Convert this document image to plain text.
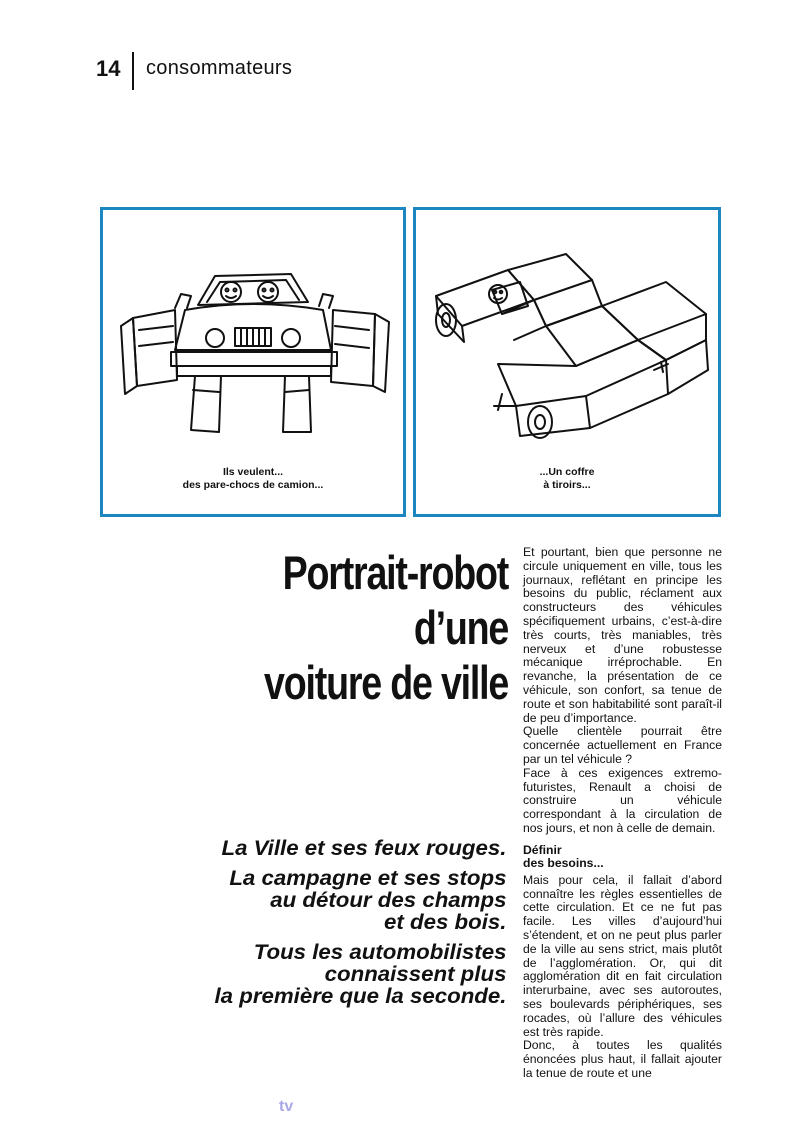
14 consommateurs
Ils veulent...
des pare-chocs de camion...
...Un coffre
à tiroirs...
Portrait-robot
d’une
voiture de ville
La Ville et ses feux rouges.
La campagne et ses stops
au détour des champs
et des bois.
Tous les automobilistes
connaissent plus
la première que la seconde.

Et pourtant, bien que personne ne circule uniquement en ville, tous les journaux, reflétant en principe les besoins du public, réclament aux constructeurs des véhicules spécifiquement urbains, c’est-à-dire très courts, très maniables, très nerveux et d’une robustesse mécanique irréprochable. En revanche, la présentation de ce véhicule, son confort, sa tenue de route et son habitabilité sont paraît-il de peu d’importance.

Quelle clientèle pourrait être concernée actuellement en France par un tel véhicule ?

Face à ces exigences extremo-futuristes, Renault a choisi de construire un véhicule correspondant à la circulation de nos jours, et non à celle de demain.

Définir
des besoins...

Mais pour cela, il fallait d’abord connaître les règles essentielles de cette circulation. Et ce ne fut pas facile. Les villes d’aujourd’hui s’étendent, et on ne peut plus parler de la ville au sens strict, mais plutôt de l’agglomération. Or, qui dit agglomération dit en fait circulation interurbaine, avec ses autoroutes, ses boulevards périphériques, ses rocades, où l’allure des véhicules est très rapide.

Donc, à toutes les qualités énoncées plus haut, il fallait ajouter la tenue de route et une

tv
